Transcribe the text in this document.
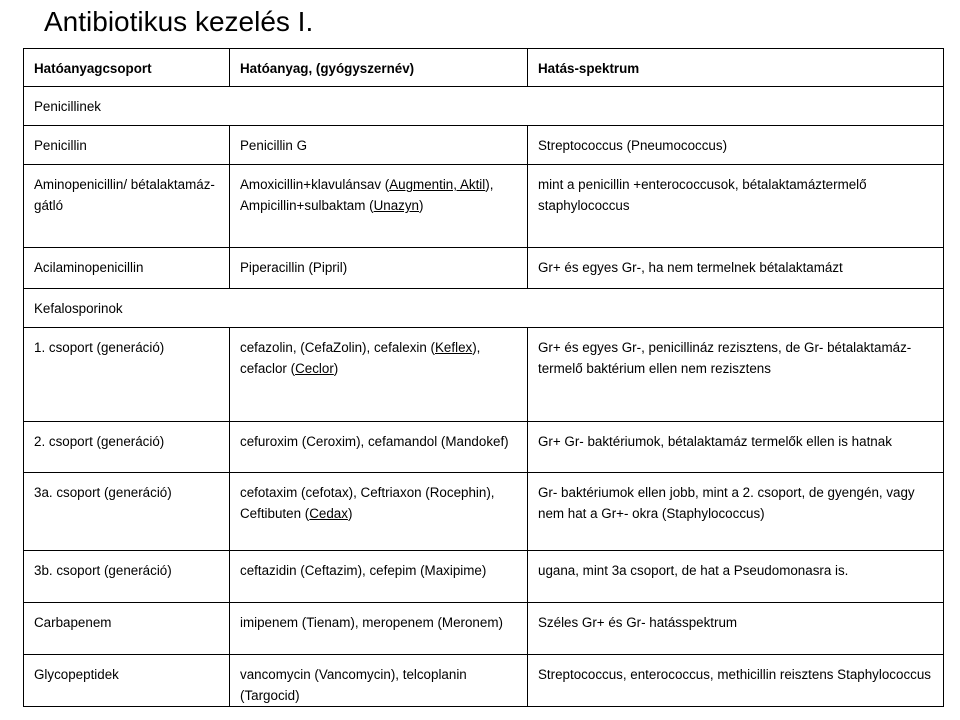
Antibiotikus kezelés I.
Hatóanyagcsoport	Hatóanyag, (gyógyszernév)	Hatás-spektrum
Penicillinek		
Penicillin	Penicillin G	Streptococcus (Pneumococcus)
Aminopenicillin/ bétalaktamáz-gátló	Amoxicillin+klavulánsav (Augmentin, Aktil), Ampicillin+sulbaktam (Unazyn)	mint a penicillin +enterococcusok, bétalaktamáztermelő staphylococcus
Acilaminopenicillin	Piperacillin (Pipril)	Gr+ és egyes Gr-, ha nem termelnek bétalaktamázt
Kefalosporinok		
1. csoport (generáció)	cefazolin, (CefaZolin), cefalexin (Keflex), cefaclor (Ceclor)	Gr+ és egyes Gr-, penicillináz rezisztens, de Gr- bétalaktamáz-termelő baktérium ellen nem rezisztens
2. csoport (generáció)	cefuroxim (Ceroxim), cefamandol (Mandokef)	Gr+ Gr- baktériumok, bétalaktamáz termelők ellen is hatnak
3a. csoport (generáció)	cefotaxim (cefotax), Ceftriaxon (Rocephin), Ceftibuten (Cedax)	Gr- baktériumok ellen jobb, mint a 2. csoport, de gyengén, vagy nem hat a Gr+- okra (Staphylococcus)
3b. csoport (generáció)	ceftazidin (Ceftazim), cefepim (Maxipime)	ugana, mint 3a csoport, de hat a Pseudomonasra is.
Carbapenem	imipenem (Tienam), meropenem (Meronem)	Széles Gr+ és Gr- hatásspektrum
Glycopeptidek	vancomycin (Vancomycin), telcoplanin (Targocid)	Streptococcus, enterococcus, methicillin reisztens Staphylococcus
